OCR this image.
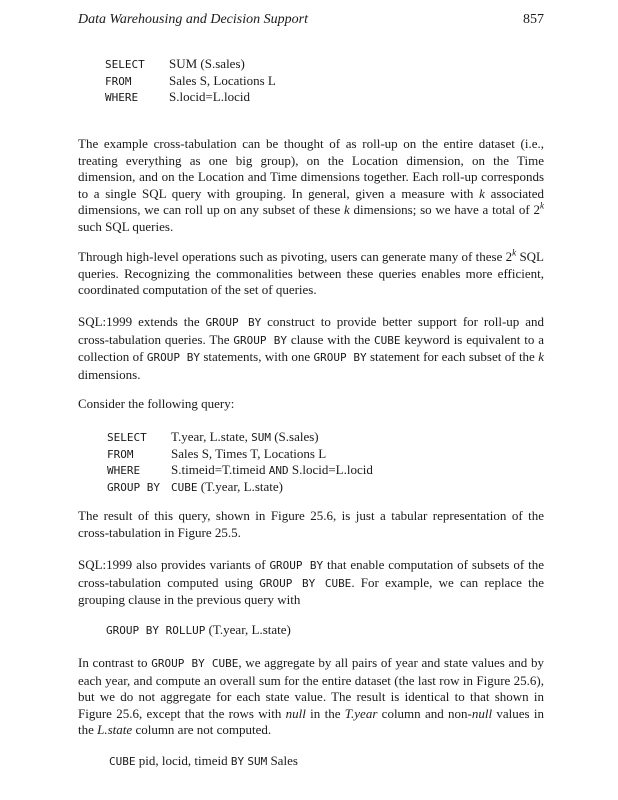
Data Warehousing and Decision Support	857
SELECT SUM (S.sales)
FROM	Sales S, Locations L
WHERE S.locid=L.locid

The example cross-tabulation can be thought of as roll-up on the entire dataset (i.e., treating everything as one big group), on the Location dimension, on the Time dimension, and on the Location and Time dimensions together. Each roll-up corresponds to a single SQL query with grouping. In general, given a measure with k associated dimensions, we can roll up on any subset of these k dimensions; so we have a total of 2$^k$ such SQL queries.

Through high-level operations such as pivoting, users can generate many of these 2$^k$ SQL queries. Recognizing the commonalities between these queries enables more efficient, coordinated computation of the set of queries.

SQL:1999 extends the GROUP BY construct to provide better support for roll-up and cross-tabulation queries. The GROUP BY clause with the CUBE keyword is equivalent to a collection of GROUP BY statements, with one GROUP BY statement for each subset of the k dimensions.

Consider the following query:

SELECT T.year, L.state, SUM (S.sales)
FROM	Sales S, Times T, Locations L
WHERE S.timeid=T.timeid AND S.locid=L.locid
GROUP BY CUBE (T.year, L.state)

The result of this query, shown in Figure 25.6, is just a tabular representation of the cross-tabulation in Figure 25.5.

SQL:1999 also provides variants of GROUP BY that enable computation of subsets of the cross-tabulation computed using GROUP BY CUBE. For example, we can replace the grouping clause in the previous query with

GROUP BY ROLLUP (T.year, L.state)

In contrast to GROUP BY CUBE, we aggregate by all pairs of year and state values and by each year, and compute an overall sum for the entire dataset (the last row in Figure 25.6), but we do not aggregate for each state value. The result is identical to that shown in Figure 25.6, except that the rows with null in the T.year column and non-null values in the L.state column are not computed.

CUBE pid, locid, timeid BY SUM Sales
